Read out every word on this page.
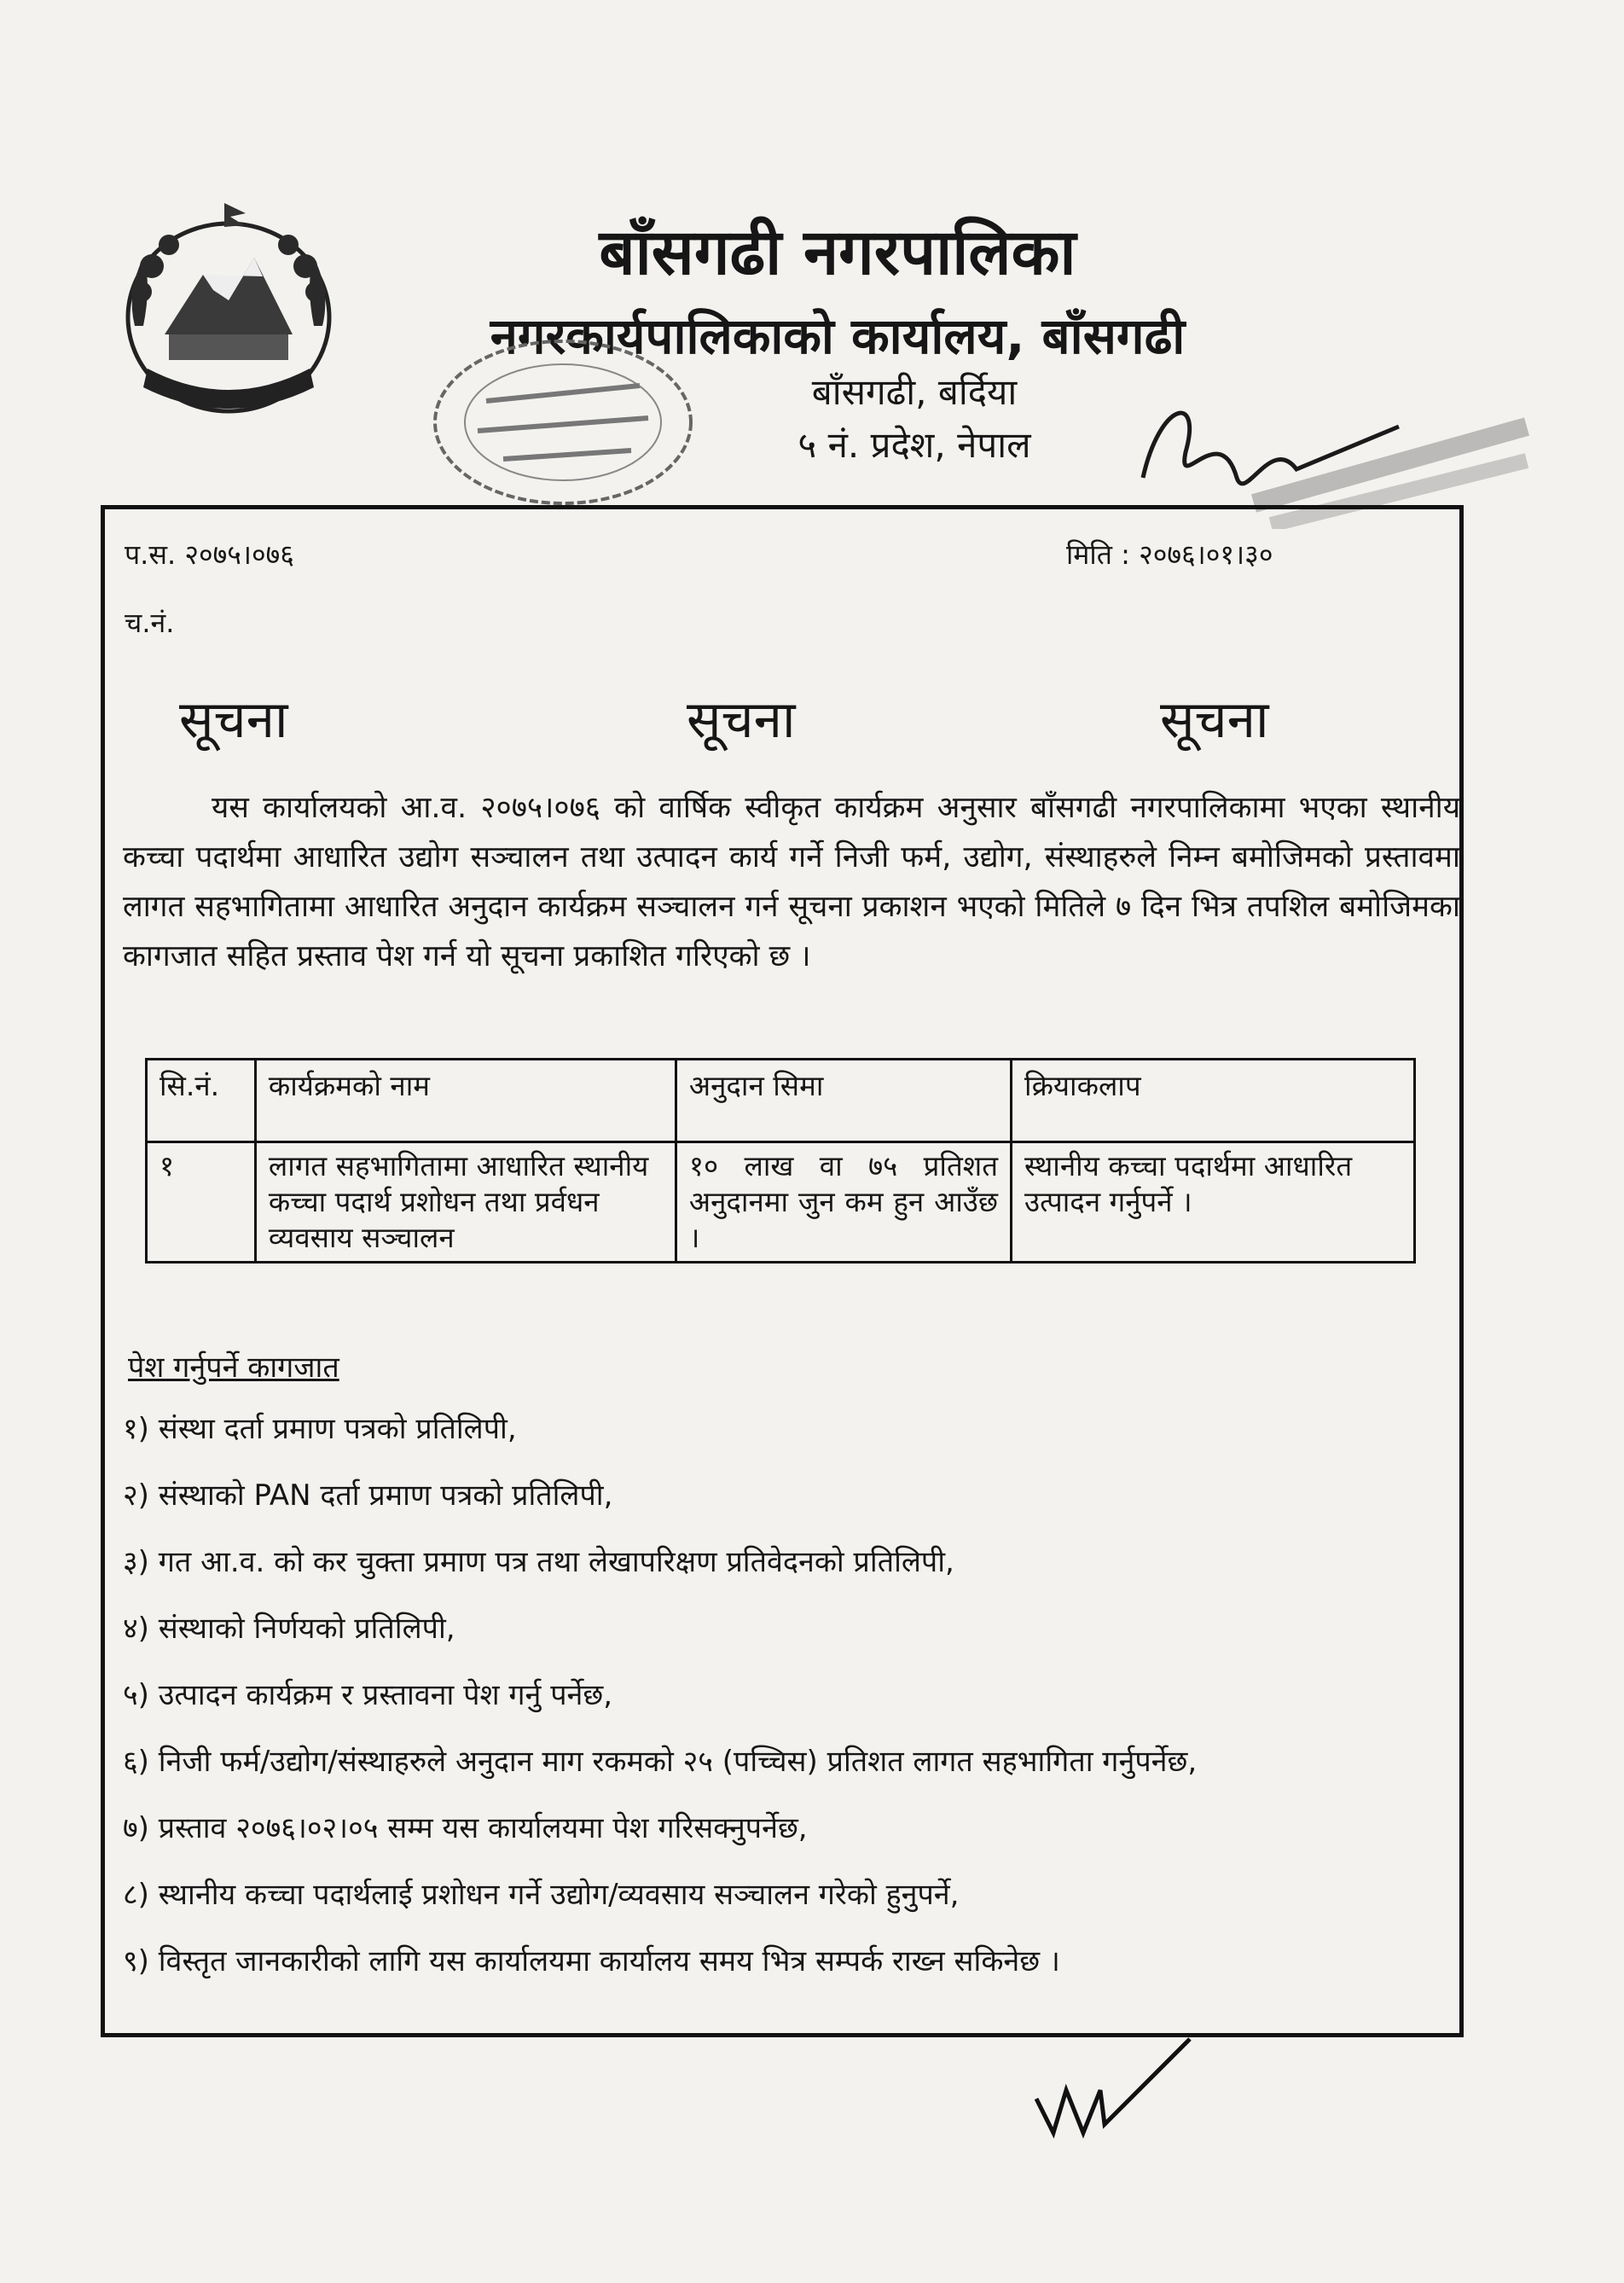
बाँसगढी नगरपालिका
नगरकार्यपालिकाको कार्यालय, बाँसगढी
बाँसगढी, बर्दिया
५ नं. प्रदेश, नेपाल
प.स. २०७५।०७६	मिति : २०७६।०१।३०
च.नं.
सूचना	सूचना	सूचना
यस कार्यालयको आ.व. २०७५।०७६ को वार्षिक स्वीकृत कार्यक्रम अनुसार बाँसगढी नगरपालिकामा भएका स्थानीय कच्चा पदार्थमा आधारित उद्योग सञ्चालन तथा उत्पादन कार्य गर्ने निजी फर्म, उद्योग, संस्थाहरुले निम्न बमोजिमको प्रस्तावमा लागत सहभागितामा आधारित अनुदान कार्यक्रम सञ्चालन गर्न सूचना प्रकाशन भएको मितिले ७ दिन भित्र तपशिल बमोजिमका कागजात सहित प्रस्ताव पेश गर्न यो सूचना प्रकाशित गरिएको छ ।
सि.नं.	कार्यक्रमको नाम	अनुदान सिमा	क्रियाकलाप
१	लागत सहभागितामा आधारित स्थानीय कच्चा पदार्थ प्रशोधन तथा प्रर्वधन व्यवसाय सञ्चालन	१० लाख वा ७५ प्रतिशत अनुदानमा जुन कम हुन आउँछ ।	स्थानीय कच्चा पदार्थमा आधारित उत्पादन गर्नुपर्ने ।
पेश गर्नुपर्ने कागजात
१) संस्था दर्ता प्रमाण पत्रको प्रतिलिपी,
२) संस्थाको PAN दर्ता प्रमाण पत्रको प्रतिलिपी,
३) गत आ.व. को कर चुक्ता प्रमाण पत्र तथा लेखापरिक्षण प्रतिवेदनको प्रतिलिपी,
४) संस्थाको निर्णयको प्रतिलिपी,
५) उत्पादन कार्यक्रम र प्रस्तावना पेश गर्नु पर्नेछ,
६) निजी फर्म/उद्योग/संस्थाहरुले अनुदान माग रकमको २५ (पच्चिस) प्रतिशत लागत सहभागिता गर्नुपर्नेछ,
७) प्रस्ताव २०७६।०२।०५ सम्म यस कार्यालयमा पेश गरिसक्नुपर्नेछ,
८) स्थानीय कच्चा पदार्थलाई प्रशोधन गर्ने उद्योग/व्यवसाय सञ्चालन गरेको हुनुपर्ने,
९) विस्तृत जानकारीको लागि यस कार्यालयमा कार्यालय समय भित्र सम्पर्क राख्न सकिनेछ ।
